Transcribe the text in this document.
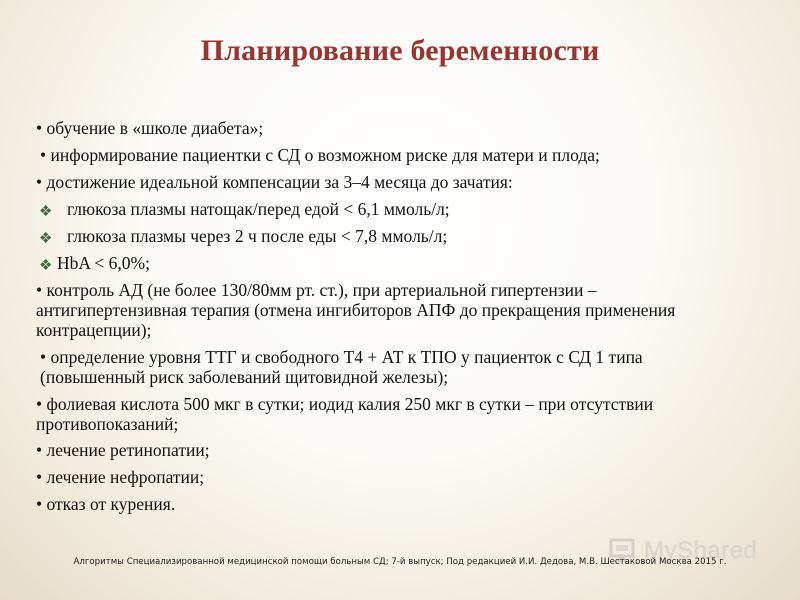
Планирование беременности
• обучение в «школе диабета»;
• информирование пациентки с СД о возможном риске для матери и плода;
• достижение идеальной компенсации за 3–4 месяца до зачатия:
❖ глюкоза плазмы натощак/перед едой < 6,1 ммоль/л;
❖ глюкоза плазмы через 2 ч после еды < 7,8 ммоль/л;
❖ HbA < 6,0%;
• контроль АД (не более 130/80мм рт. ст.), при артериальной гипертензии – антигипертензивная терапия (отмена ингибиторов АПФ до прекращения применения контрацепции);
• определение уровня ТТГ и свободного Т4 + АТ к ТПО у пациенток с СД 1 типа (повышенный риск заболеваний щитовидной железы);
• фолиевая кислота 500 мкг в сутки; иодид калия 250 мкг в сутки – при отсутствии противопоказаний;
• лечение ретинопатии;
• лечение нефропатии;
• отказ от курения.
MyShared
Алгоритмы Специализированной медицинской помощи больным СД; 7-й выпуск; Под редакцией И.И. Дедова, М.В. Шестаковой Москва 2015 г.
